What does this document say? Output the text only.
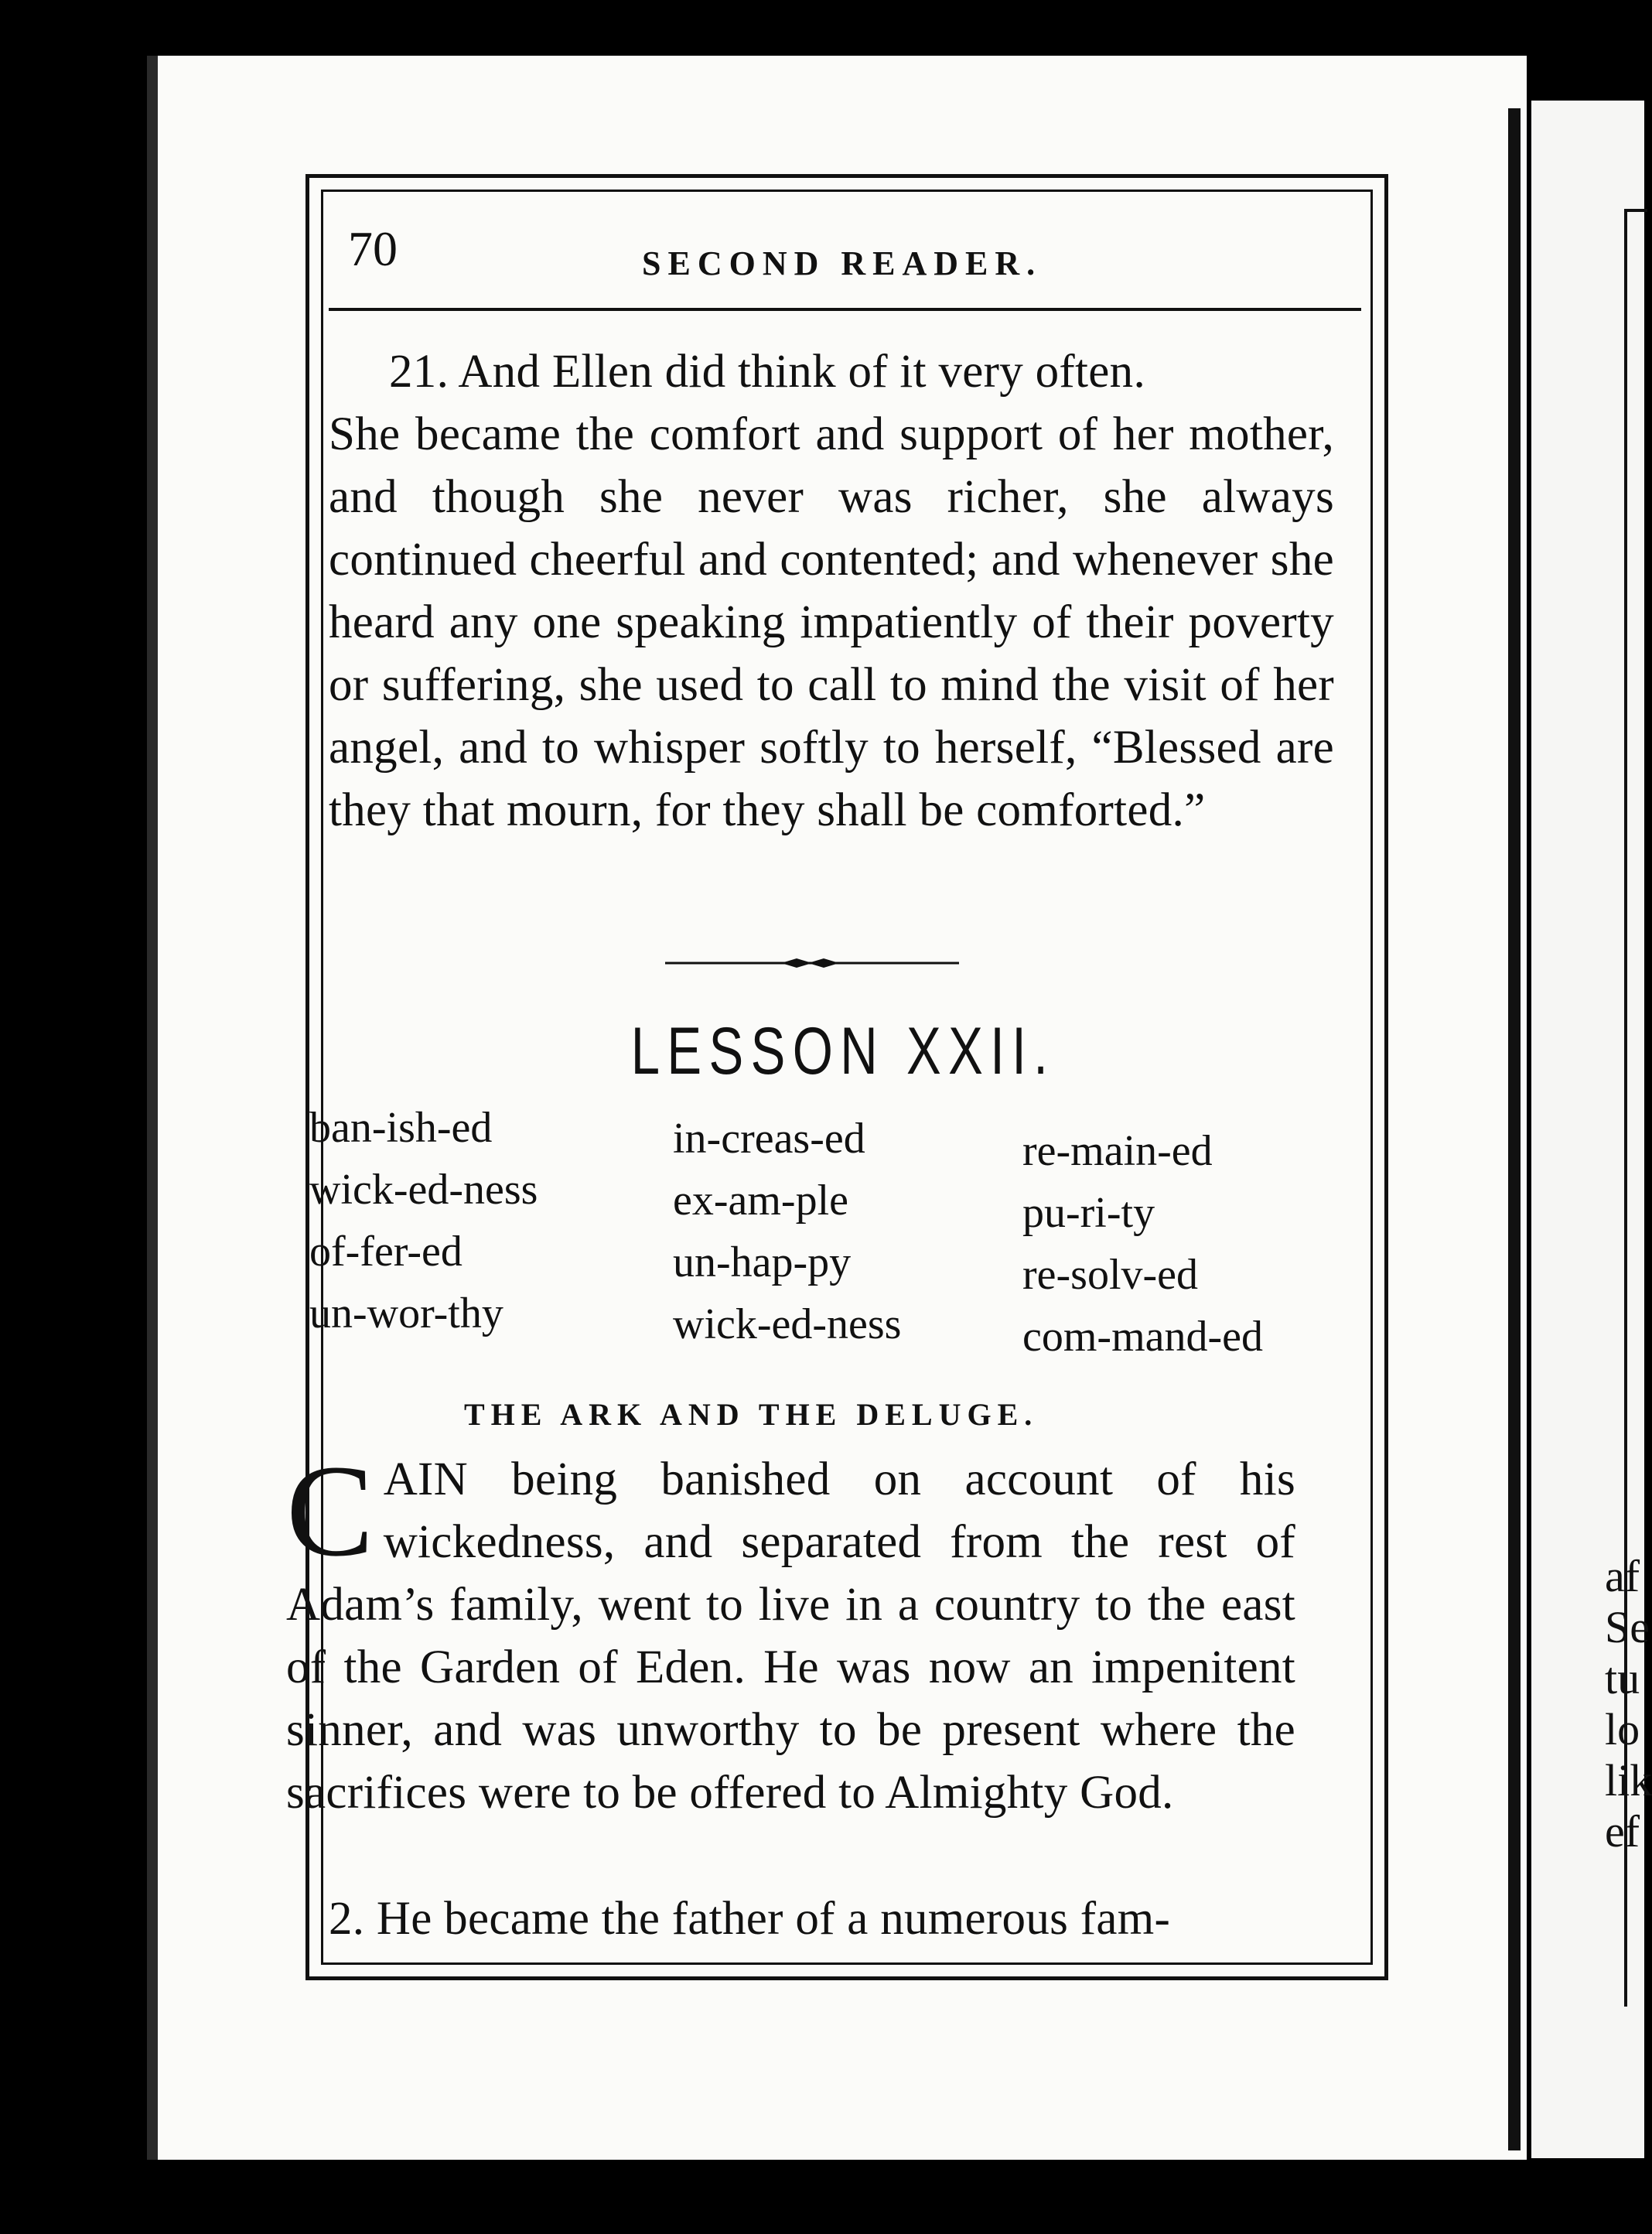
af
Se
tu
lo
lik
ef
70	SECOND READER.
21. And Ellen did think of it very often.
She became the comfort and support of her mother, and though she never was richer, she always continued cheerful and contented; and whenever she heard any one speaking impatiently of their poverty or suffering, she used to call to mind the visit of her angel, and to whisper softly to herself, “Blessed are they that mourn, for they shall be comforted.”
LESSON XXII.
ban-ish-ed
wick-ed-ness
of-fer-ed
un-wor-thy
in-creas-ed
ex-am-ple
un-hap-py
wick-ed-ness
re-main-ed
pu-ri-ty
re-solv-ed
com-mand-ed
THE ARK AND THE DELUGE.
C AIN being banished on account of his wickedness, and separated from the rest of Adam’s family, went to live in a country to the east of the Garden of Eden. He was now an impenitent sinner, and was unworthy to be present where the sacrifices were to be offered to Almighty God.
2. He became the father of a numerous fam-
